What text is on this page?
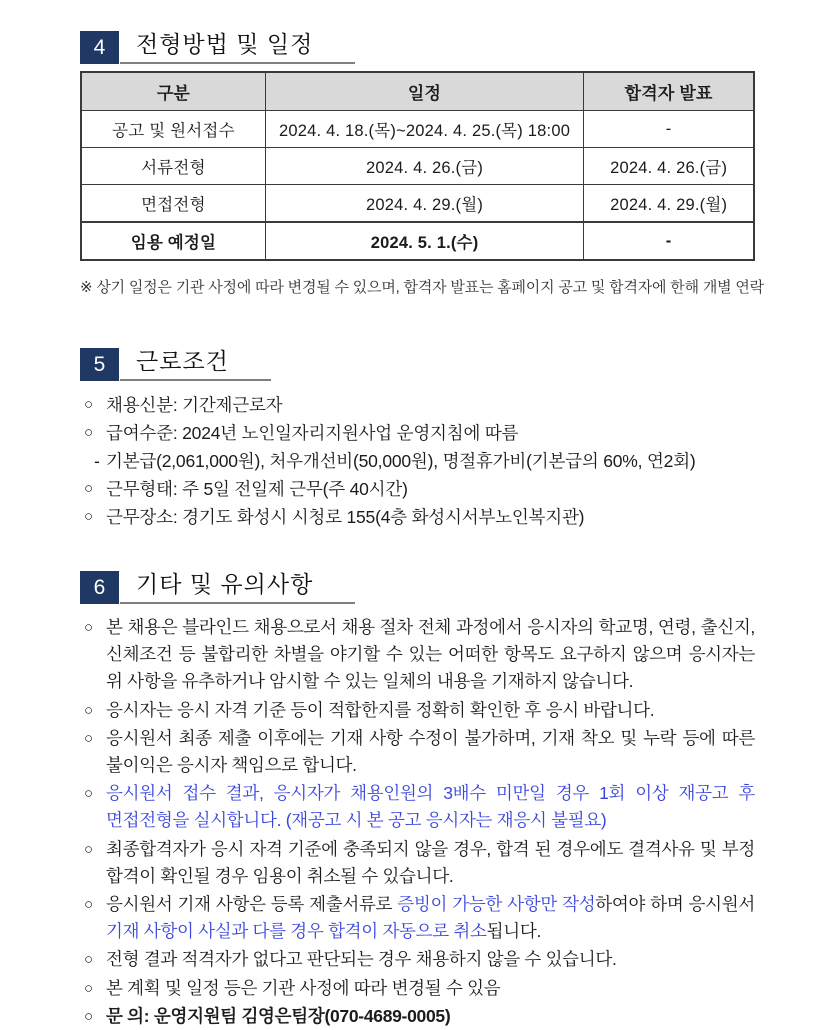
4	전형방법 및 일정
구분	일정	합격자 발표
공고 및 원서접수	2024. 4. 18.(목)~2024. 4. 25.(목) 18:00	-
서류전형	2024. 4. 26.(금)	2024. 4. 26.(금)
면접전형	2024. 4. 29.(월)	2024. 4. 29.(월)
임용 예정일	2024. 5. 1.(수)	-
※ 상기 일정은 기관 사정에 따라 변경될 수 있으며, 합격자 발표는 홈페이지 공고 및 합격자에 한해 개별 연락
5	근로조건
○ 채용신분: 기간제근로자
○ 급여수준: 2024년 노인일자리지원사업 운영지침에 따름
- 기본급(2,061,000원), 처우개선비(50,000원), 명절휴가비(기본급의 60%, 연2회)
○ 근무형태: 주 5일 전일제 근무(주 40시간)
○ 근무장소: 경기도 화성시 시청로 155(4층 화성시서부노인복지관)
6	기타 및 유의사항
○ 본 채용은 블라인드 채용으로서 채용 절차 전체 과정에서 응시자의 학교명, 연령, 출신지, 신체조건 등 불합리한 차별을 야기할 수 있는 어떠한 항목도 요구하지 않으며 응시자는 위 사항을 유추하거나 암시할 수 있는 일체의 내용을 기재하지 않습니다.
○ 응시자는 응시 자격 기준 등이 적합한지를 정확히 확인한 후 응시 바랍니다.
○ 응시원서 최종 제출 이후에는 기재 사항 수정이 불가하며, 기재 착오 및 누락 등에 따른 불이익은 응시자 책임으로 합니다.
○ 응시원서 접수 결과, 응시자가 채용인원의 3배수 미만일 경우 1회 이상 재공고 후 면접전형을 실시합니다. (재공고 시 본 공고 응시자는 재응시 불필요)
○ 최종합격자가 응시 자격 기준에 충족되지 않을 경우, 합격 된 경우에도 결격사유 및 부정 합격이 확인될 경우 임용이 취소될 수 있습니다.
○ 응시원서 기재 사항은 등록 제출서류로 증빙이 가능한 사항만 작성하여야 하며 응시원서 기재 사항이 사실과 다를 경우 합격이 자동으로 취소됩니다.
○ 전형 결과 적격자가 없다고 판단되는 경우 채용하지 않을 수 있습니다.
○ 본 계획 및 일정 등은 기관 사정에 따라 변경될 수 있음
○ 문 의: 운영지원팀 김영은팀장(070-4689-0005)
